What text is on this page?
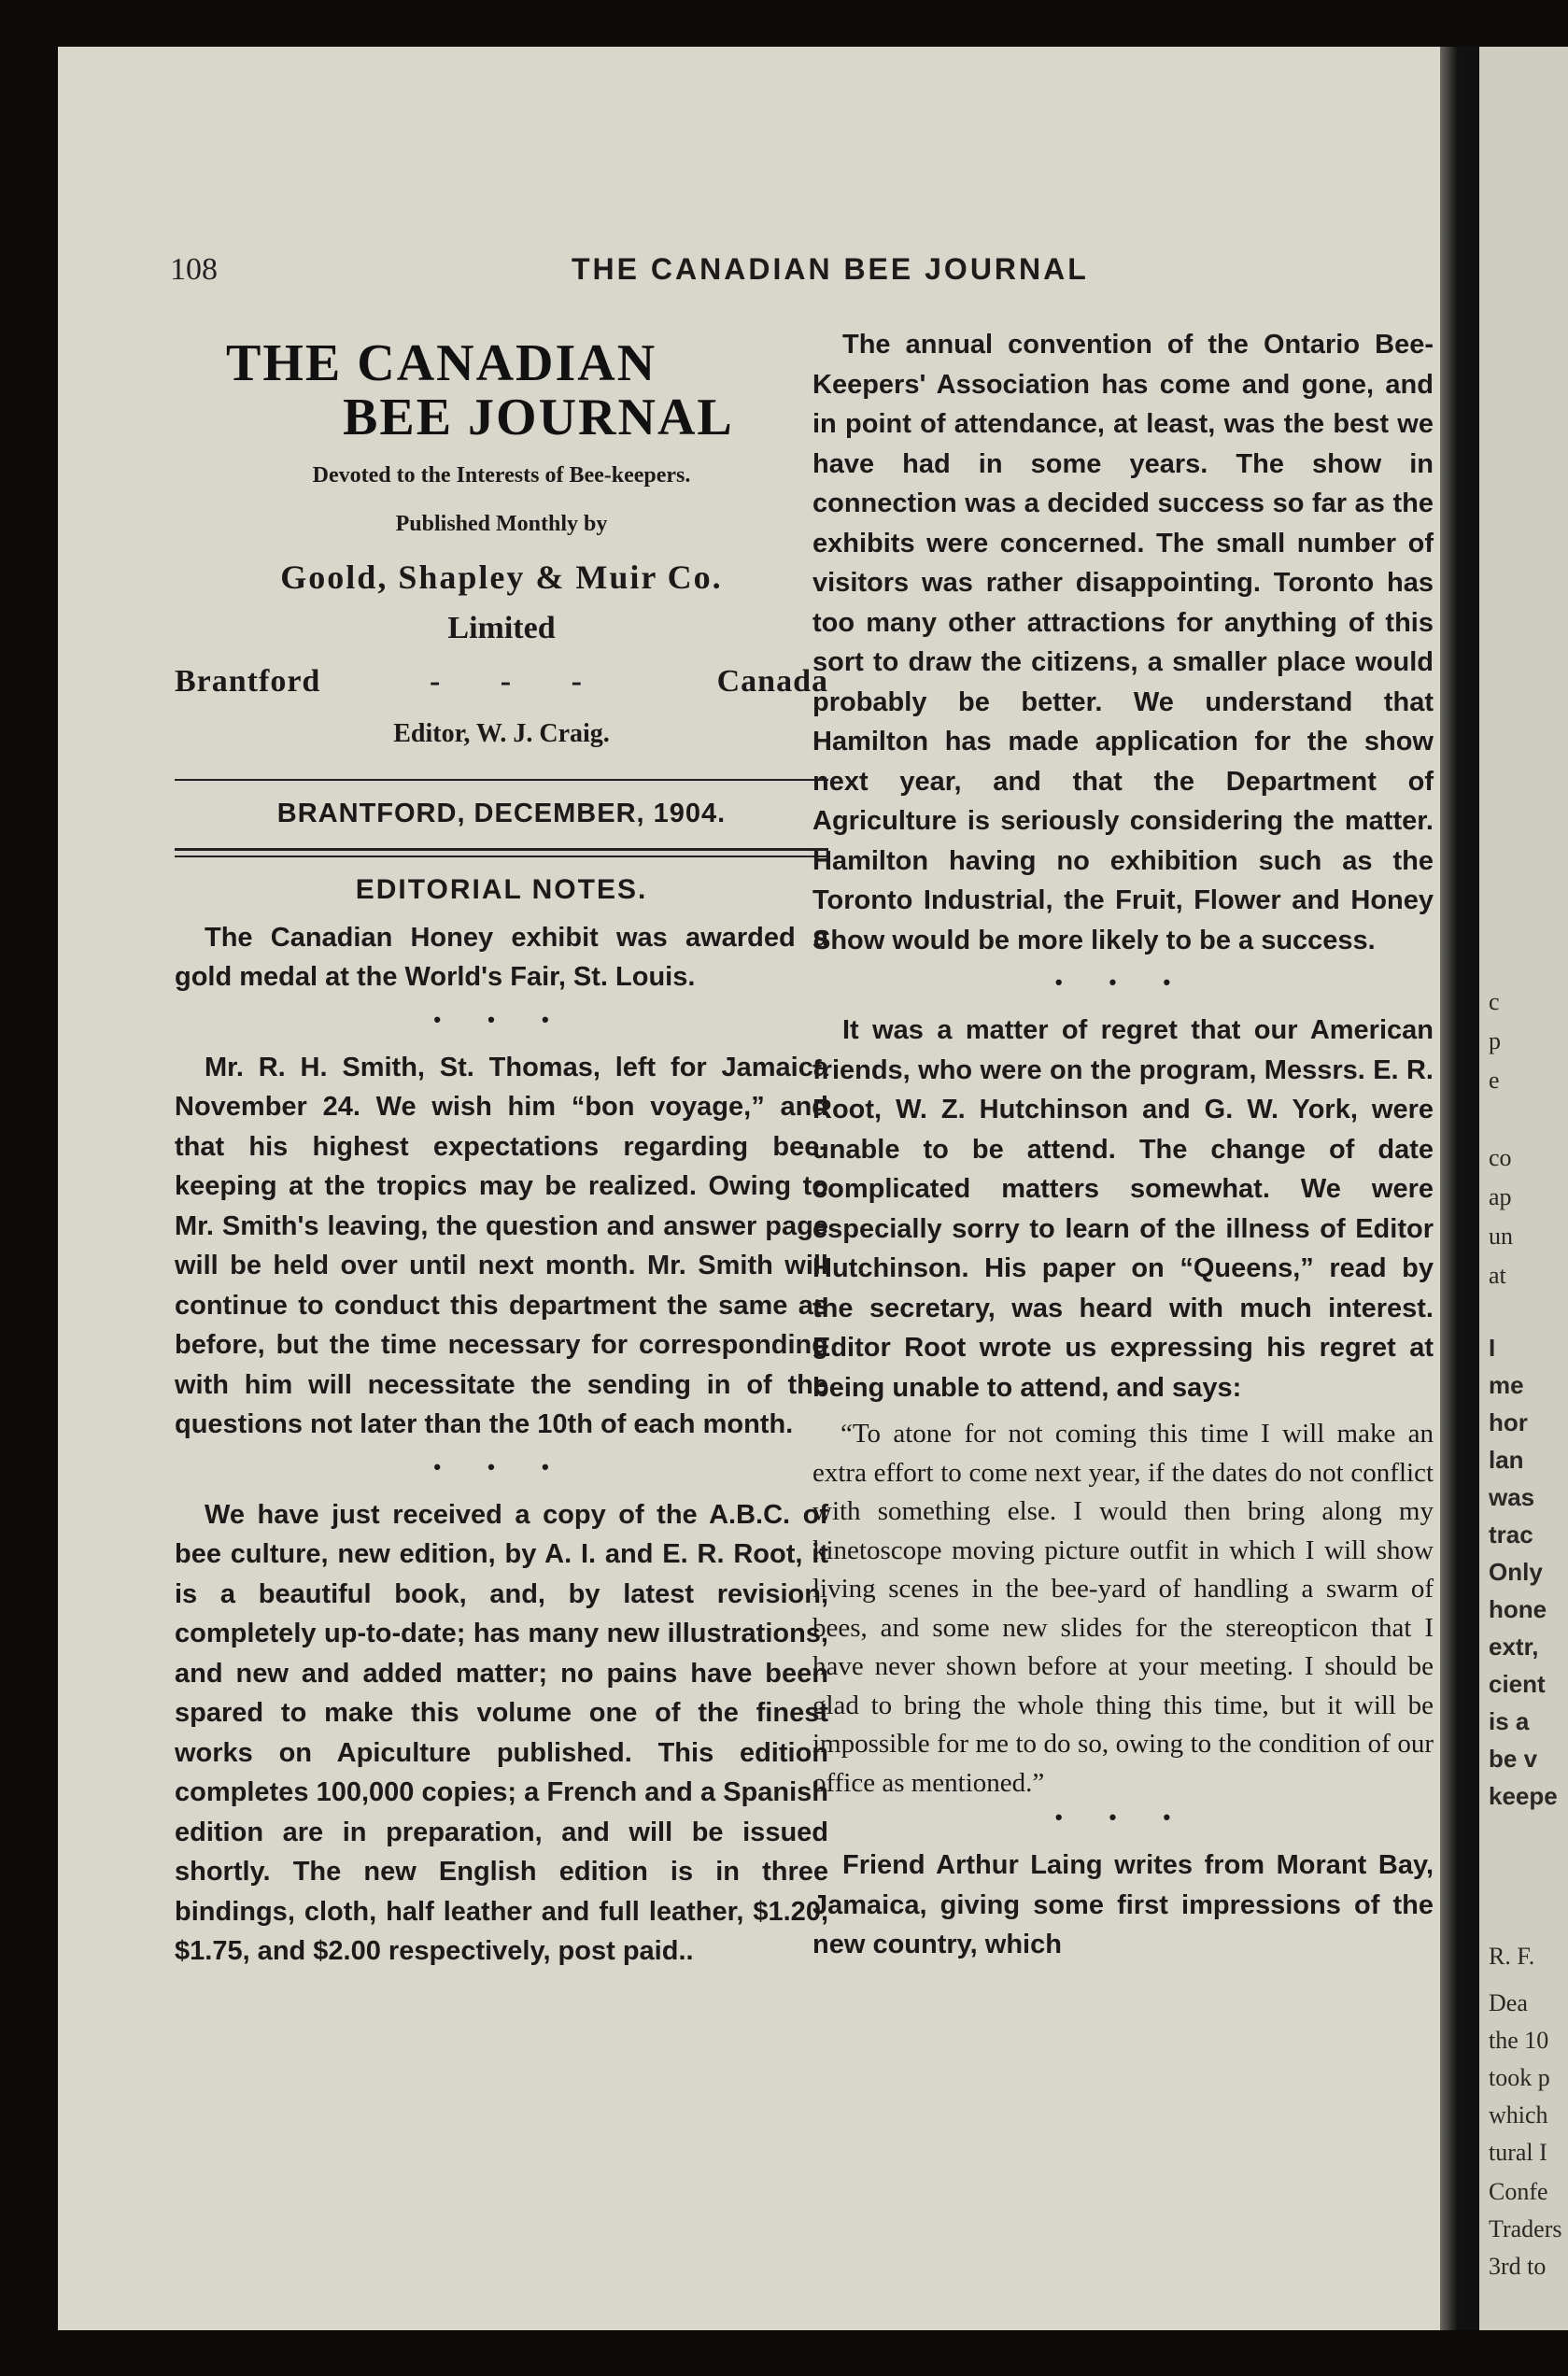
108	THE CANADIAN BEE JOURNAL
THE CANADIAN
BEE JOURNAL
Devoted to the Interests of Bee-keepers.
Published Monthly by
Goold, Shapley & Muir Co.
Limited
Brantford	- - -	Canada
Editor, W. J. Craig.
BRANTFORD, DECEMBER, 1904.
EDITORIAL NOTES.
The Canadian Honey exhibit was awarded a gold medal at the World's Fair, St. Louis.
• • •
Mr. R. H. Smith, St. Thomas, left for Jamaica November 24. We wish him “bon voyage,” and that his highest expectations regarding bee-keeping at the tropics may be realized. Owing to Mr. Smith's leaving, the question and answer page will be held over until next month. Mr. Smith will continue to conduct this department the same as before, but the time necessary for corresponding with him will necessitate the sending in of the questions not later than the 10th of each month.
• • •
We have just received a copy of the A.B.C. of bee culture, new edition, by A. I. and E. R. Root, it is a beautiful book, and, by latest revision, completely up-to-date; has many new illustrations, and new and added matter; no pains have been spared to make this volume one of the finest works on Apiculture published. This edition completes 100,000 copies; a French and a Spanish edition are in preparation, and will be issued shortly. The new English edition is in three bindings, cloth, half leather and full leather, $1.20, $1.75, and $2.00 respectively, post paid..
The annual convention of the Ontario Bee-Keepers' Association has come and gone, and in point of attendance, at least, was the best we have had in some years. The show in connection was a decided success so far as the exhibits were concerned. The small number of visitors was rather disappointing. Toronto has too many other attractions for anything of this sort to draw the citizens, a smaller place would probably be better. We understand that Hamilton has made application for the show next year, and that the Department of Agriculture is seriously considering the matter. Hamilton having no exhibition such as the Toronto Industrial, the Fruit, Flower and Honey Show would be more likely to be a success.
• • •
It was a matter of regret that our American friends, who were on the program, Messrs. E. R. Root, W. Z. Hutchinson and G. W. York, were unable to be attend. The change of date complicated matters somewhat. We were especially sorry to learn of the illness of Editor Hutchinson. His paper on “Queens,” read by the secretary, was heard with much interest. Editor Root wrote us expressing his regret at being unable to attend, and says:
“To atone for not coming this time I will make an extra effort to come next year, if the dates do not conflict with something else. I would then bring along my kinetoscope moving picture outfit in which I will show living scenes in the bee-yard of handling a swarm of bees, and some new slides for the stereopticon that I have never shown before at your meeting. I should be glad to bring the whole thing this time, but it will be impossible for me to do so, owing to the condition of our office as mentioned.”
• • •
Friend Arthur Laing writes from Morant Bay, Jamaica, giving some first impressions of the new country, which
c
p
e
co
ap
un
at
I
me
hor
lan
was
trac
Only
hone
extr,
cient
is a
be v
keepe
R. F.
Dea
the 10
took p
which
tural I
Confe
Traders
3rd to
